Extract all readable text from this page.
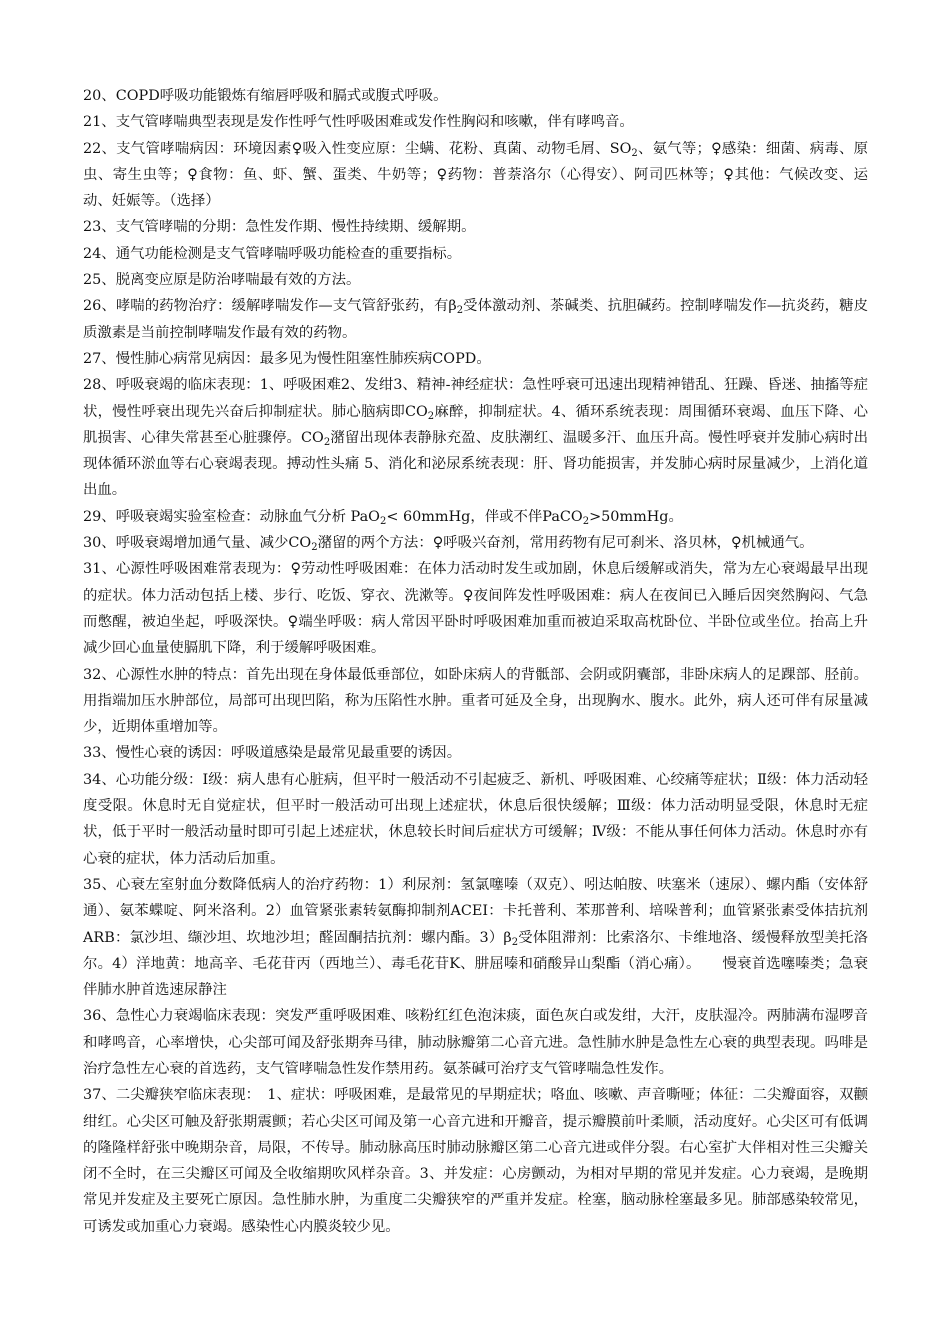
20、COPD呼吸功能锻炼有缩唇呼吸和膈式或腹式呼吸。

21、支气管哮喘典型表现是发作性呼气性呼吸困难或发作性胸闷和咳嗽，伴有哮鸣音。

22、支气管哮喘病因：环境因素♀吸入性变应原：尘螨、花粉、真菌、动物毛屑、$SO_2$、氨气等；♀感染：细菌、病毒、原虫、寄生虫等；♀食物：鱼、虾、蟹、蛋类、牛奶等；♀药物：普萘洛尔（心得安）、阿司匹林等；♀其他：气候改变、运动、妊娠等。（选择）

23、支气管哮喘的分期：急性发作期、慢性持续期、缓解期。

24、通气功能检测是支气管哮喘呼吸功能检查的重要指标。

25、脱离变应原是防治哮喘最有效的方法。

26、哮喘的药物治疗：缓解哮喘发作—支气管舒张药，有$\beta_2$受体激动剂、茶碱类、抗胆碱药。控制哮喘发作—抗炎药，糖皮质激素是当前控制哮喘发作最有效的药物。

27、慢性肺心病常见病因：最多见为慢性阻塞性肺疾病COPD。

28、呼吸衰竭的临床表现：1、呼吸困难2、发绀3、精神-神经症状：急性呼衰可迅速出现精神错乱、狂躁、昏迷、抽搐等症状，慢性呼衰出现先兴奋后抑制症状。肺心脑病即$CO_2$麻醉，抑制症状。4、循环系统表现：周围循环衰竭、血压下降、心肌损害、心律失常甚至心脏骤停。$CO_2$潴留出现体表静脉充盈、皮肤潮红、温暖多汗、血压升高。慢性呼衰并发肺心病时出现体循环淤血等右心衰竭表现。搏动性头痛 5、消化和泌尿系统表现：肝、肾功能损害，并发肺心病时尿量减少，上消化道出血。

29、呼吸衰竭实验室检查：动脉血气分析 PaO$_2$< 60mmHg，伴或不伴PaCO$_2$>50mmHg。

30、呼吸衰竭增加通气量、减少$CO_2$潴留的两个方法：♀呼吸兴奋剂，常用药物有尼可刹米、洛贝林，♀机械通气。

31、心源性呼吸困难常表现为：♀劳动性呼吸困难：在体力活动时发生或加剧，休息后缓解或消失，常为左心衰竭最早出现的症状。体力活动包括上楼、步行、吃饭、穿衣、洗漱等。♀夜间阵发性呼吸困难：病人在夜间已入睡后因突然胸闷、气急而憋醒，被迫坐起，呼吸深快。♀端坐呼吸：病人常因平卧时呼吸困难加重而被迫采取高枕卧位、半卧位或坐位。抬高上升减少回心血量使膈肌下降，利于缓解呼吸困难。

32、心源性水肿的特点：首先出现在身体最低垂部位，如卧床病人的背骶部、会阴或阴囊部，非卧床病人的足踝部、胫前。用指端加压水肿部位，局部可出现凹陷，称为压陷性水肿。重者可延及全身，出现胸水、腹水。此外，病人还可伴有尿量减少，近期体重增加等。

33、慢性心衰的诱因：呼吸道感染是最常见最重要的诱因。

34、心功能分级：Ⅰ级：病人患有心脏病，但平时一般活动不引起疲乏、新机、呼吸困难、心绞痛等症状；Ⅱ级：体力活动轻度受限。休息时无自觉症状，但平时一般活动可出现上述症状，休息后很快缓解；Ⅲ级：体力活动明显受限，休息时无症状，低于平时一般活动量时即可引起上述症状，休息较长时间后症状方可缓解；Ⅳ级：不能从事任何体力活动。休息时亦有心衰的症状，体力活动后加重。

35、心衰左室射血分数降低病人的治疗药物：1）利尿剂：氢氯噻嗪（双克）、吲达帕胺、呋塞米（速尿）、螺内酯（安体舒通）、氨苯蝶啶、阿米洛利。2）血管紧张素转氨酶抑制剂ACEI：卡托普利、苯那普利、培哚普利；血管紧张素受体拮抗剂ARB：氯沙坦、缬沙坦、坎地沙坦；醛固酮拮抗剂：螺内酯。$3)\beta_2$受体阻滞剂：比索洛尔、卡维地洛、缓慢释放型美托洛尔。4）洋地黄：地高辛、毛花苷丙（西地兰）、毒毛花苷K、肼屈嗪和硝酸异山梨酯（消心痛）。　　慢衰首选噻嗪类；急衰伴肺水肿首选速尿静注

36、急性心力衰竭临床表现：突发严重呼吸困难、咳粉红红色泡沫痰，面色灰白或发绀，大汗，皮肤湿冷。两肺满布湿啰音和哮鸣音，心率增快，心尖部可闻及舒张期奔马律，肺动脉瓣第二心音亢进。急性肺水肿是急性左心衰的典型表现。吗啡是治疗急性左心衰的首选药，支气管哮喘急性发作禁用药。氨茶碱可治疗支气管哮喘急性发作。

37、二尖瓣狭窄临床表现：　1、症状：呼吸困难，是最常见的早期症状；咯血、咳嗽、声音嘶哑；体征：二尖瓣面容，双颧绀红。心尖区可触及舒张期震颤；若心尖区可闻及第一心音亢进和开瓣音，提示瓣膜前叶柔顺，活动度好。心尖区可有低调的隆隆样舒张中晚期杂音，局限，不传导。肺动脉高压时肺动脉瓣区第二心音亢进或伴分裂。右心室扩大伴相对性三尖瓣关闭不全时，在三尖瓣区可闻及全收缩期吹风样杂音。3、并发症：心房颤动，为相对早期的常见并发症。心力衰竭，是晚期常见并发症及主要死亡原因。急性肺水肿，为重度二尖瓣狭窄的严重并发症。栓塞，脑动脉栓塞最多见。肺部感染较常见，可诱发或加重心力衰竭。感染性心内膜炎较少见。
